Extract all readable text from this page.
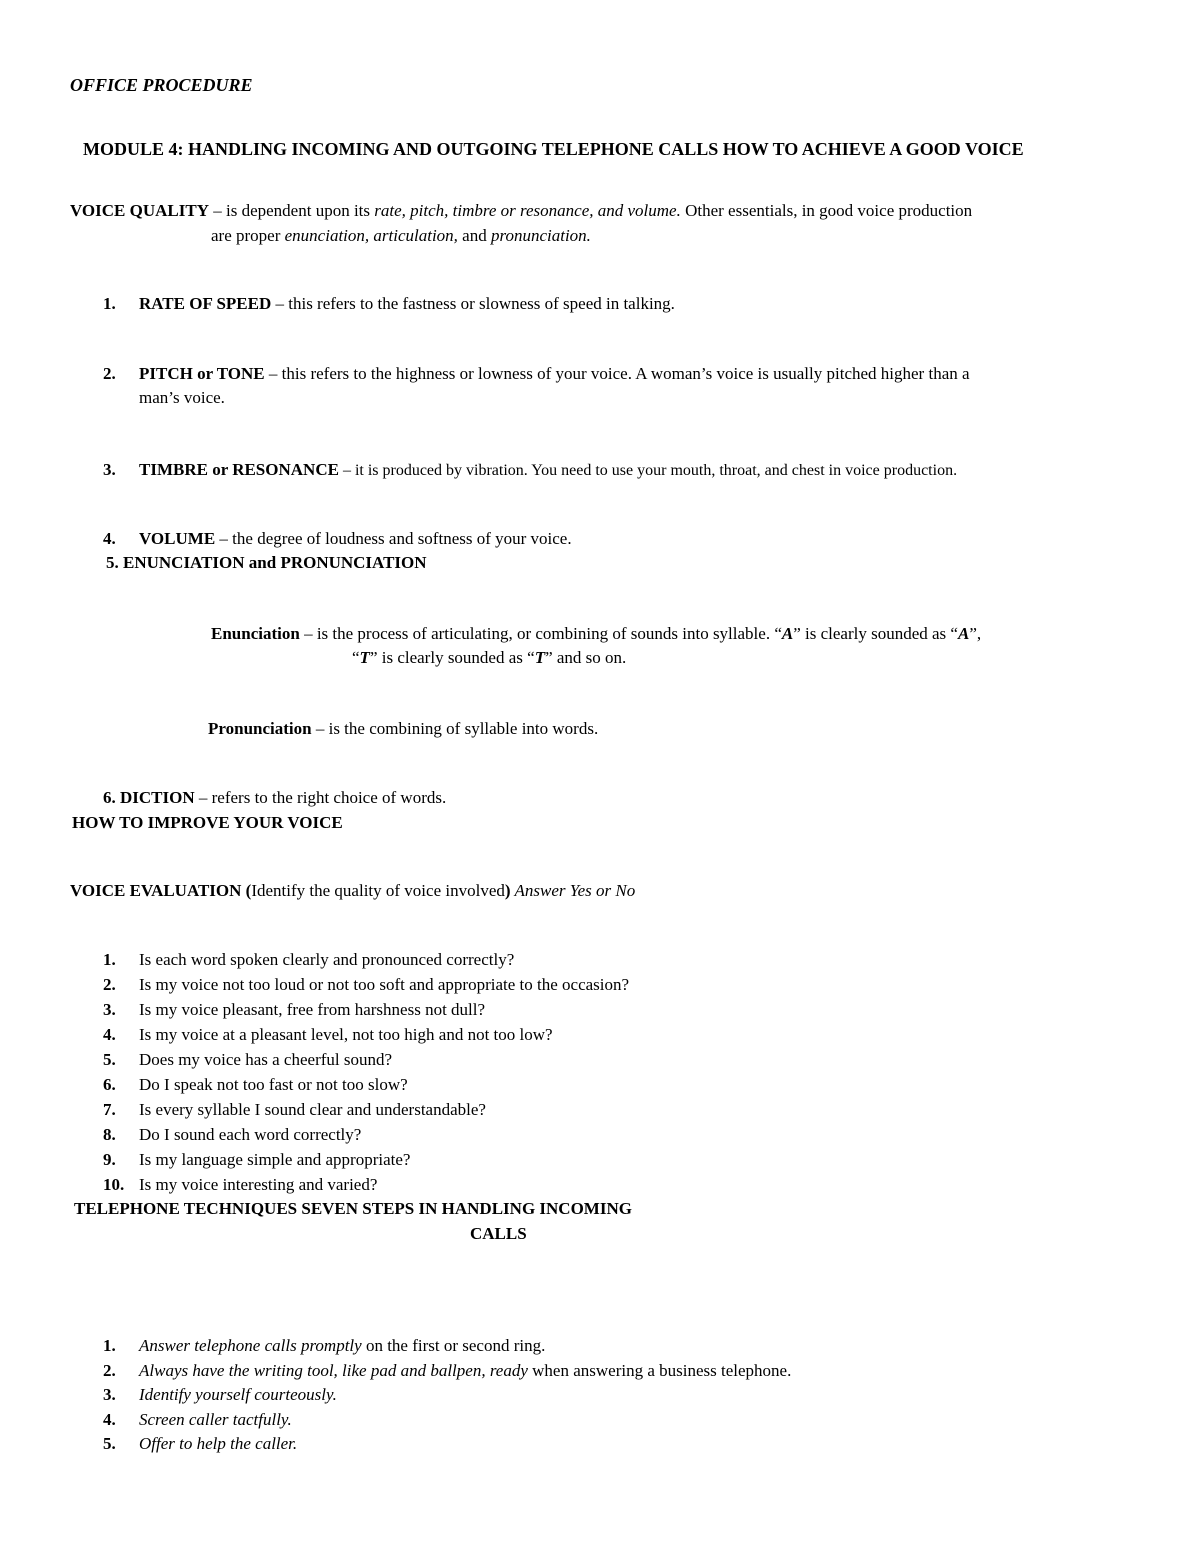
OFFICE PROCEDURE
MODULE 4: HANDLING INCOMING AND OUTGOING TELEPHONE CALLS HOW TO ACHIEVE A GOOD VOICE
VOICE QUALITY – is dependent upon its rate, pitch, timbre or resonance, and volume. Other essentials, in good voice production
are proper enunciation, articulation, and pronunciation.
1. RATE OF SPEED – this refers to the fastness or slowness of speed in talking.
2. PITCH or TONE – this refers to the highness or lowness of your voice. A woman’s voice is usually pitched higher than a
man’s voice.
3. TIMBRE or RESONANCE – it is produced by vibration. You need to use your mouth, throat, and chest in voice production.
4. VOLUME – the degree of loudness and softness of your voice.
5. ENUNCIATION and PRONUNCIATION
Enunciation – is the process of articulating, or combining of sounds into syllable. “A” is clearly sounded as “A”,
“T” is clearly sounded as “T” and so on.
Pronunciation – is the combining of syllable into words.
6. DICTION – refers to the right choice of words.
HOW TO IMPROVE YOUR VOICE
VOICE EVALUATION (Identify the quality of voice involved) Answer Yes or No
1. Is each word spoken clearly and pronounced correctly?
2. Is my voice not too loud or not too soft and appropriate to the occasion?
3. Is my voice pleasant, free from harshness not dull?
4. Is my voice at a pleasant level, not too high and not too low?
5. Does my voice has a cheerful sound?
6. Do I speak not too fast or not too slow?
7. Is every syllable I sound clear and understandable?
8. Do I sound each word correctly?
9. Is my language simple and appropriate?
10. Is my voice interesting and varied?
TELEPHONE TECHNIQUES SEVEN STEPS IN HANDLING INCOMING
CALLS
1. Answer telephone calls promptly on the first or second ring.
2. Always have the writing tool, like pad and ballpen, ready when answering a business telephone.
3. Identify yourself courteously.
4. Screen caller tactfully.
5. Offer to help the caller.
